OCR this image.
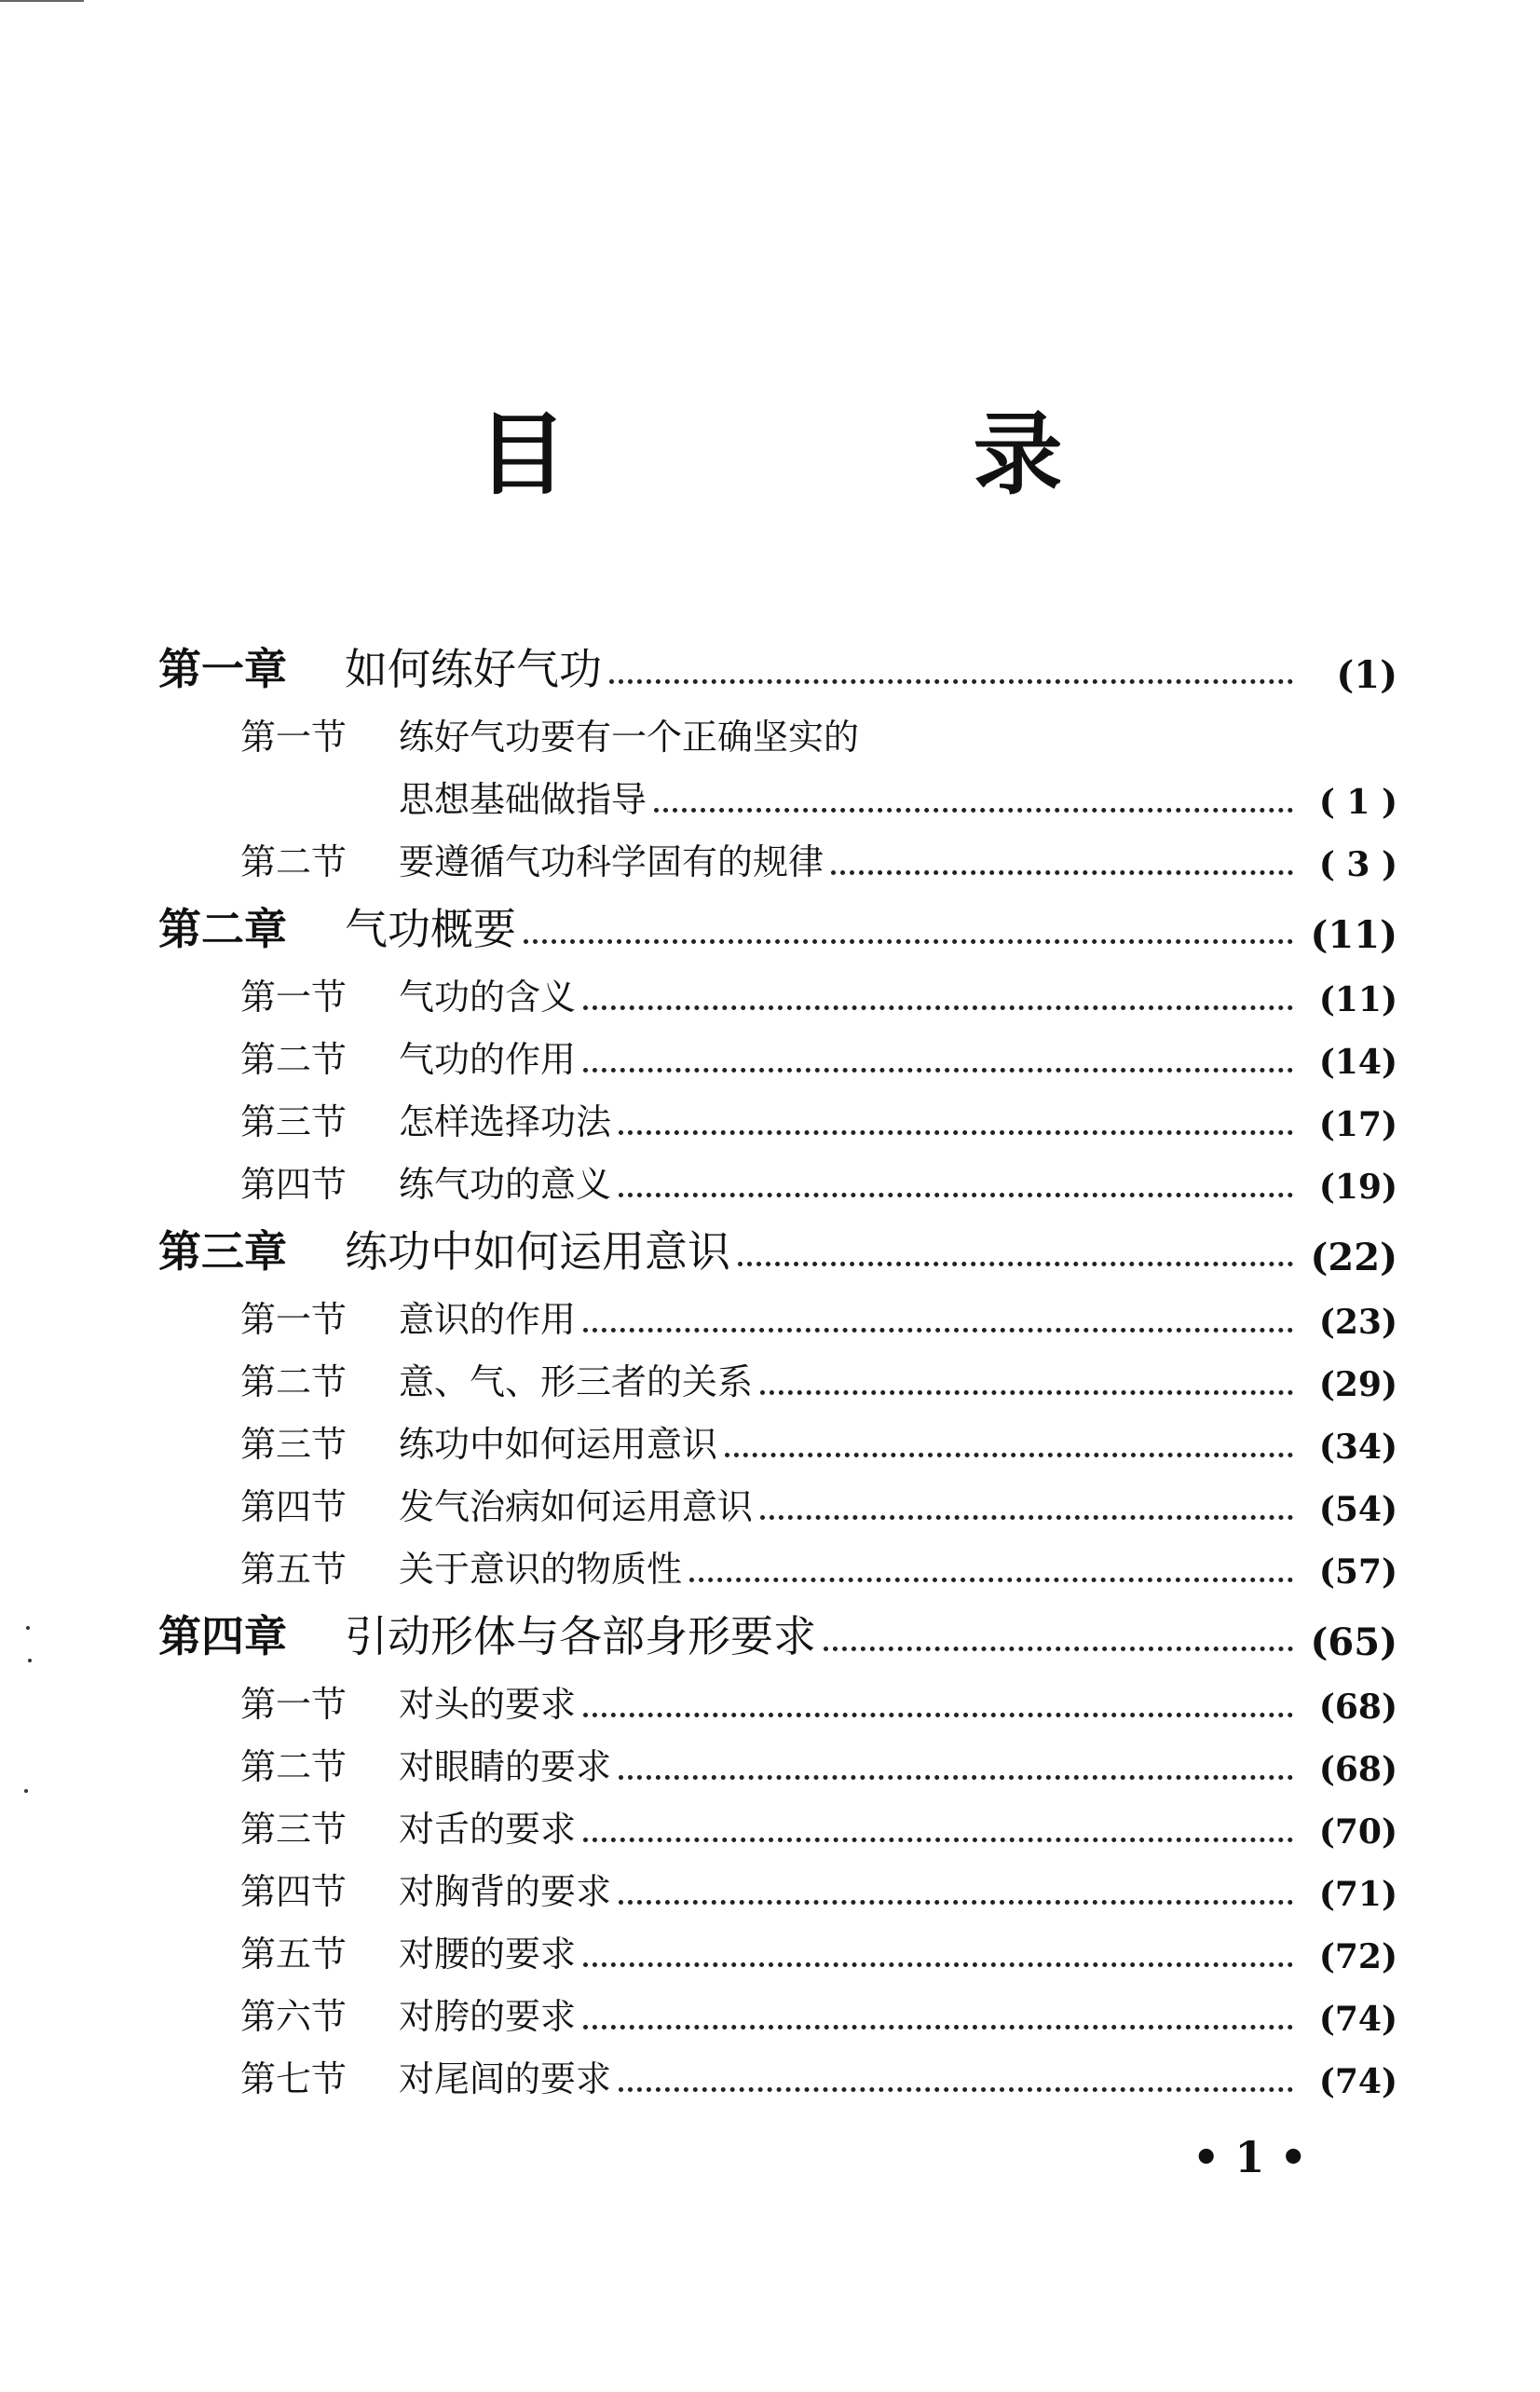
目　录
第一章	如何练好气功	(1)
第一节	练好气功要有一个正确坚实的
思想基础做指导	( 1 )
第二节	要遵循气功科学固有的规律	( 3 )
第二章	气功概要	(11)
第一节	气功的含义	(11)
第二节	气功的作用	(14)
第三节	怎样选择功法	(17)
第四节	练气功的意义	(19)
第三章	练功中如何运用意识	(22)
第一节	意识的作用	(23)
第二节	意、气、形三者的关系	(29)
第三节	练功中如何运用意识	(34)
第四节	发气治病如何运用意识	(54)
第五节	关于意识的物质性	(57)
第四章	引动形体与各部身形要求	(65)
第一节	对头的要求	(68)
第二节	对眼睛的要求	(68)
第三节	对舌的要求	(70)
第四节	对胸背的要求	(71)
第五节	对腰的要求	(72)
第六节	对胯的要求	(74)
第七节	对尾闾的要求	(74)
• 1 •
